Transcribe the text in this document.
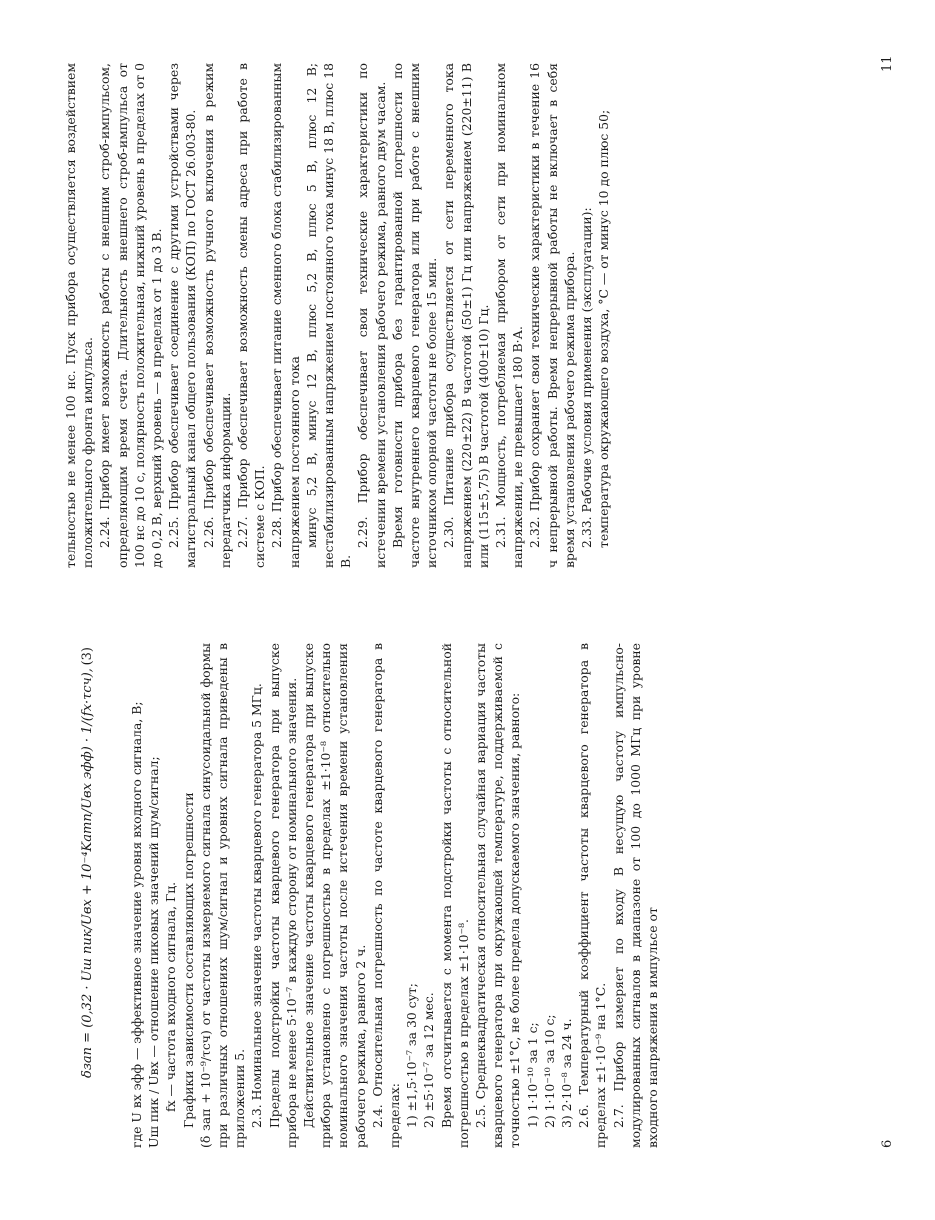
δзап = (0,32 · Uш пик/Uвх + 10⁻⁴Kamп/Uвх эфф) · 1/(fx·τсч),
(3)

где U вх эфф — эффективное значение уровня входного сигнала, В; Uш пик / Uвх — отношение пиковых значений шум/сигнал; fx — частота входного сигнала, Гц. Графики зависимости составляющих погрешности (δ зап + 10⁻⁹/τсч) от частоты измеряемого сигнала синусоидальной формы при различных отношениях шум/сигнал и уровнях сигнала приведены в приложении 5. 2.3. Номинальное значение частоты кварцевого генератора 5 МГц. Пределы подстройки частоты кварцевого генератора при выпуске прибора не менее 5·10⁻⁷ в каждую сторону от номинального значения. Действительное значение частоты кварцевого генератора при выпуске прибора установлено с погрешностью в пределах ±1·10⁻⁸ относительно номинального значения частоты после истечения времени установления рабочего режима, равного 2 ч. 2.4. Относительная погрешность по частоте кварцевого генератора в пределах: 1) ±1,5·10⁻⁷ за 30 сут; 2) ±5·10⁻⁷ за 12 мес. Время отсчитывается с момента подстройки частоты с относительной погрешностью в пределах ±1·10⁻⁸. 2.5. Среднеквадратическая относительная случайная вариация частоты кварцевого генератора при окружающей температуре, поддерживаемой с точностью ±1°С, не более предела допускаемого значения, равного: 1) 1·10⁻¹⁰ за 1 с; 2) 1·10⁻¹⁰ за 10 с; 3) 2·10⁻⁸ за 24 ч. 2.6. Температурный коэффициент частоты кварцевого генератора в пределах ±1·10⁻⁹ на 1°С. 2.7. Прибор измеряет по входу В несущую частоту импульсно-модулированных сигналов в диапазоне от 100 до 1000 МГц при уровне входного напряжения в импульсе от

тельностью не менее 100 нс. Пуск прибора осуществляется воздействием положительного фронта импульса. 2.24. Прибор имеет возможность работы с внешним строб-импульсом, определяющим время счета. Длительность внешнего строб-импульса от 100 нс до 10 с, полярность положительная, нижний уровень в пределах от 0 до 0,2 В, верхний уровень — в пределах от 1 до 3 В. 2.25. Прибор обеспечивает соединение с другими устройствами через магистральный канал общего пользования (КОП) по ГОСТ 26.003-80. 2.26. Прибор обеспечивает возможность ручного включения в режим передатчика информации. 2.27. Прибор обеспечивает возможность смены адреса при работе в системе с КОП. 2.28. Прибор обеспечивает питание сменного блока стабилизированным напряжением постоянного тока минус 5,2 В, минус 12 В, плюс 5,2 В, плюс 5 В, плюс 12 В; нестабилизированным напряжением постоянного тока минус 18 В, плюс 18 В.

2.29. Прибор обеспечивает свои технические характеристики по истечении времени установления рабочего режима, равного двум часам. Время готовности прибора без гарантированной погрешности по частоте внутреннего кварцевого генератора или при работе с внешним источником опорной частоты не более 15 мин. 2.30. Питание прибора осуществляется от сети переменного тока напряжением (220±22) В частотой (50±1) Гц или напряжением (220±11) В или (115±5,75) В частотой (400±10) Гц. 2.31. Мощность, потребляемая прибором от сети при номинальном напряжении, не превышает 180 В·А. 2.32. Прибор сохраняет свои технические характеристики в течение 16 ч непрерывной работы. Время непрерывной работы не включает в себя время установления рабочего режима прибора. 2.33. Рабочие условия применения (эксплуатации): температура окружающего воздуха, °С — от минус 10 до плюс 50;

6
11
